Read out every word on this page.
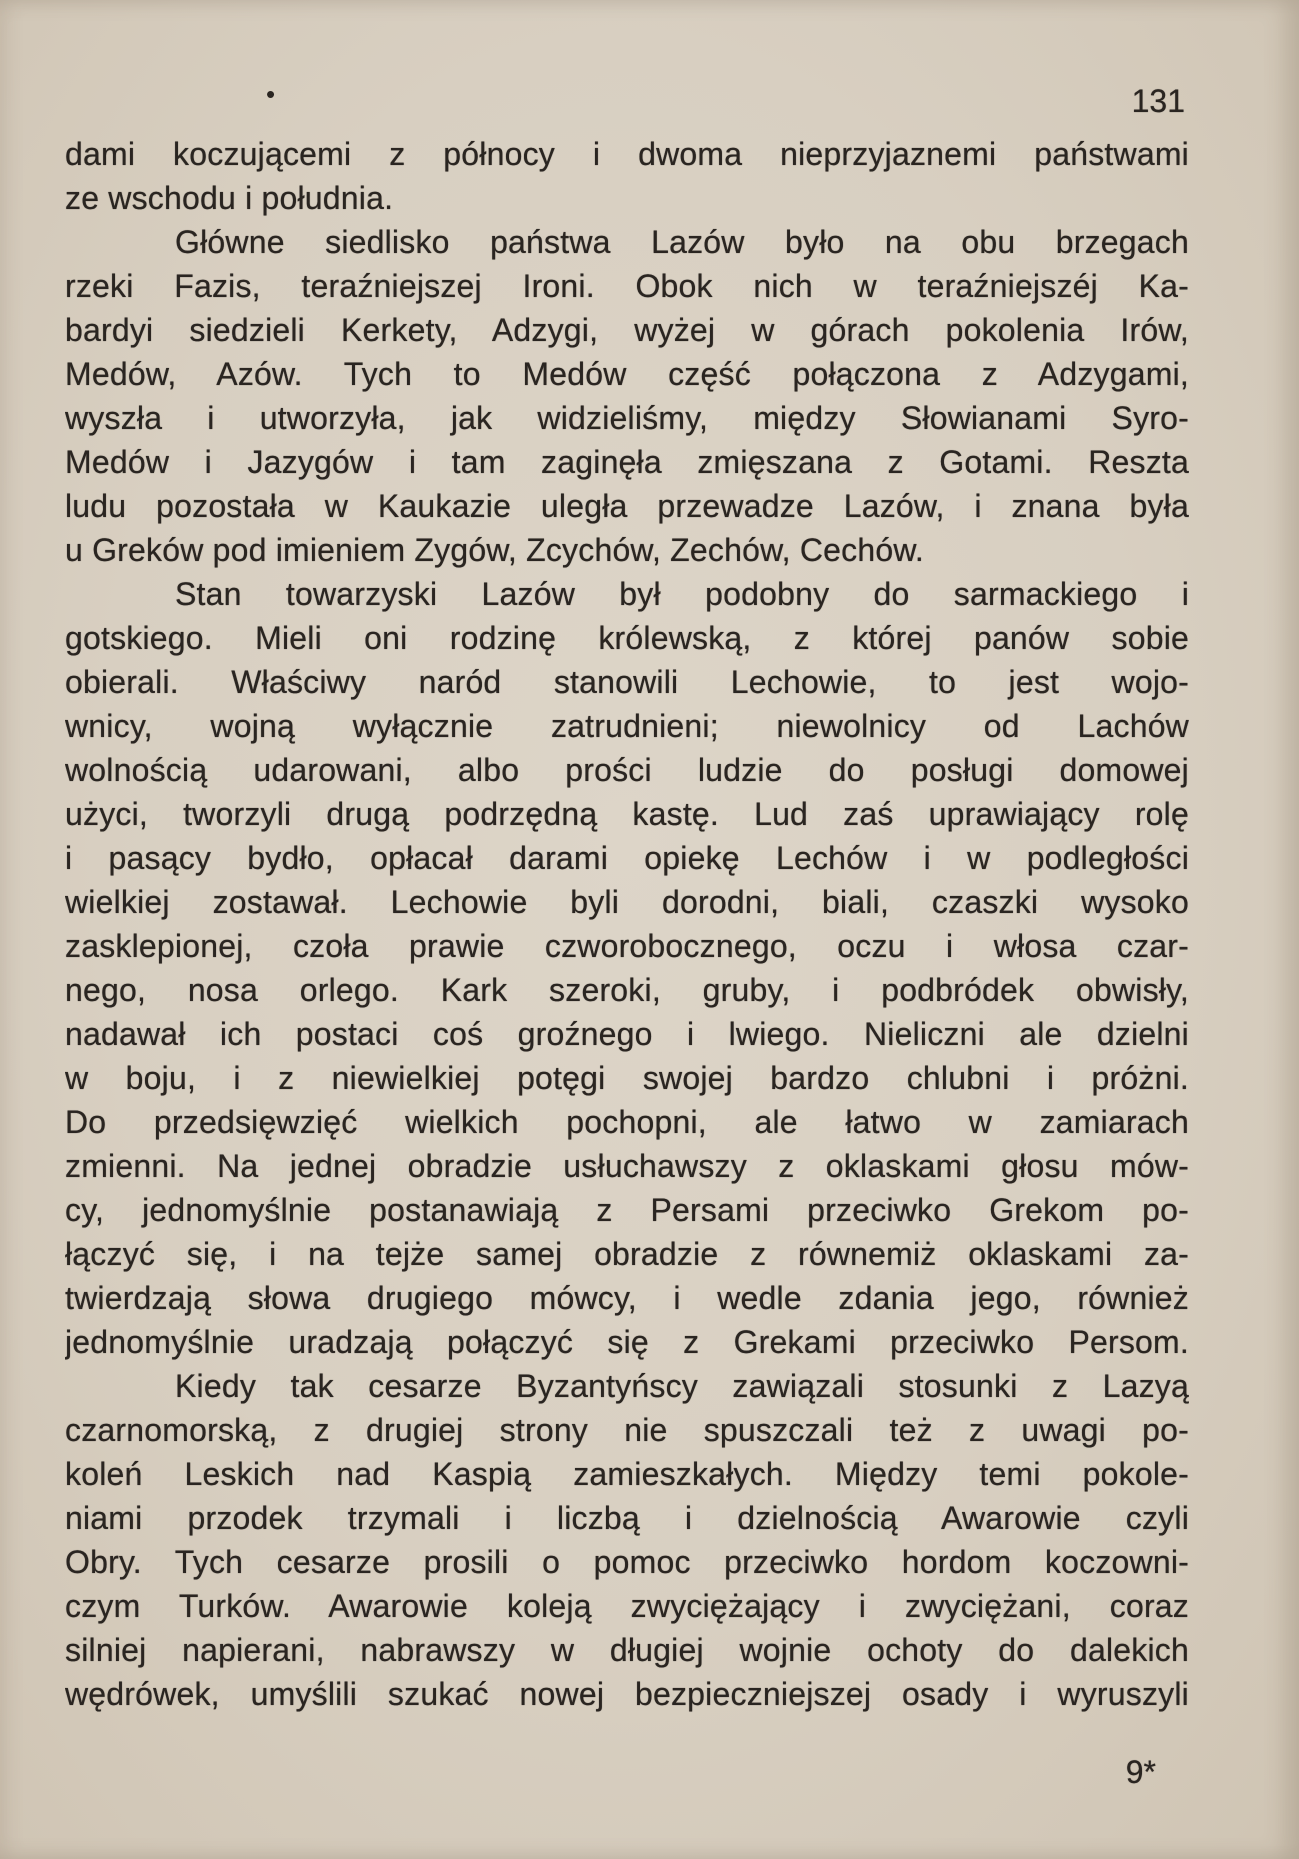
•	131
dami koczującemi z północy i dwoma nieprzyjaznemi państwami
ze wschodu i południa.
Główne siedlisko państwa Lazów było na obu brzegach
rzeki Fazis, teraźniejszej Ironi. Obok nich w teraźniejszéj Ka-
bardyi siedzieli Kerkety, Adzygi, wyżej w górach pokolenia Irów,
Medów, Azów. Tych to Medów część połączona z Adzygami,
wyszła i utworzyła, jak widzieliśmy, między Słowianami Syro-
Medów i Jazygów i tam zaginęła zmięszana z Gotami. Reszta
ludu pozostała w Kaukazie uległa przewadze Lazów, i znana była
u Greków pod imieniem Zygów, Zcychów, Zechów, Cechów.
Stan towarzyski Lazów był podobny do sarmackiego i
gotskiego. Mieli oni rodzinę królewską, z której panów sobie
obierali. Właściwy naród stanowili Lechowie, to jest wojo-
wnicy, wojną wyłącznie zatrudnieni; niewolnicy od Lachów
wolnością udarowani, albo prości ludzie do posługi domowej
użyci, tworzyli drugą podrzędną kastę. Lud zaś uprawiający rolę
i pasący bydło, opłacał darami opiekę Lechów i w podległości
wielkiej zostawał. Lechowie byli dorodni, biali, czaszki wysoko
zasklepionej, czoła prawie czworobocznego, oczu i włosa czar-
nego, nosa orlego. Kark szeroki, gruby, i podbródek obwisły,
nadawał ich postaci coś groźnego i lwiego. Nieliczni ale dzielni
w boju, i z niewielkiej potęgi swojej bardzo chlubni i próżni.
Do przedsięwzięć wielkich pochopni, ale łatwo w zamiarach
zmienni. Na jednej obradzie usłuchawszy z oklaskami głosu mów-
cy, jednomyślnie postanawiają z Persami przeciwko Grekom po-
łączyć się, i na tejże samej obradzie z równemiż oklaskami za-
twierdzają słowa drugiego mówcy, i wedle zdania jego, również
jednomyślnie uradzają połączyć się z Grekami przeciwko Persom.
Kiedy tak cesarze Byzantyńscy zawiązali stosunki z Lazyą
czarnomorską, z drugiej strony nie spuszczali też z uwagi po-
koleń Leskich nad Kaspią zamieszkałych. Między temi pokole-
niami przodek trzymali i liczbą i dzielnością Awarowie czyli
Obry. Tych cesarze prosili o pomoc przeciwko hordom koczowni-
czym Turków. Awarowie koleją zwyciężający i zwyciężani, coraz
silniej napierani, nabrawszy w długiej wojnie ochoty do dalekich
wędrówek, umyślili szukać nowej bezpieczniejszej osady i wyruszyli
9*
